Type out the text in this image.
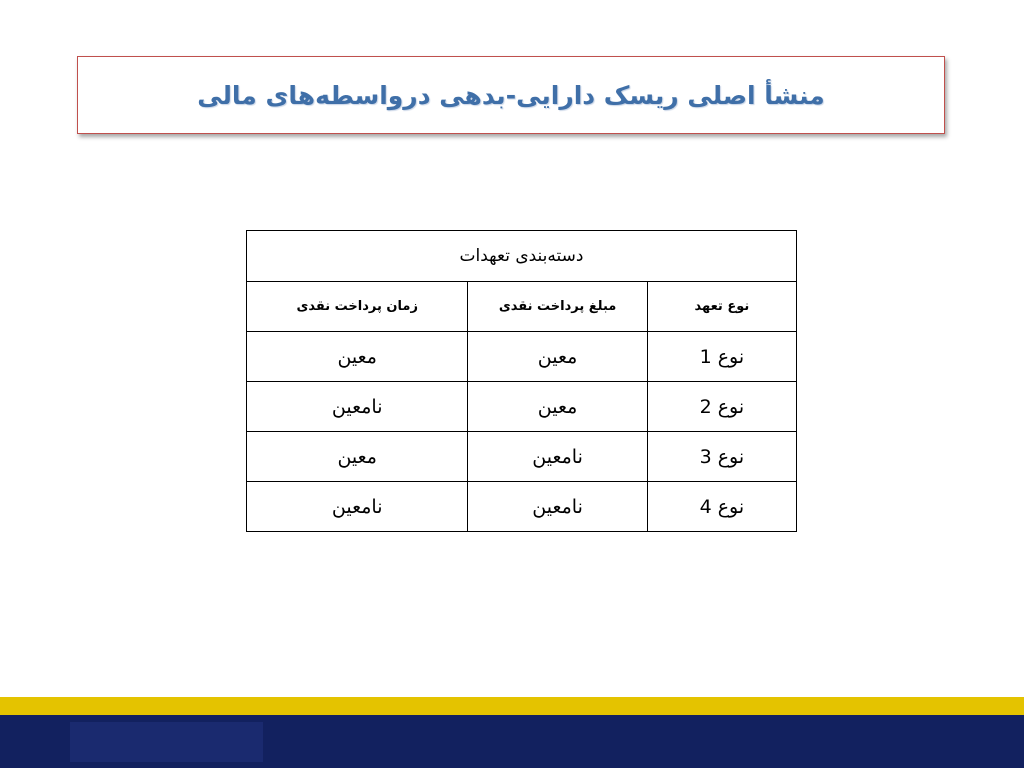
منشأ اصلی ریسک دارایی-بدهی درواسطه‌های مالی
دسته‌بندی تعهدات		
نوع تعهد	مبلغ پرداخت نقدی	زمان پرداخت نقدی
نوع 1	معین	معین
نوع 2	معین	نامعین
نوع 3	نامعین	معین
نوع 4	نامعین	نامعین
